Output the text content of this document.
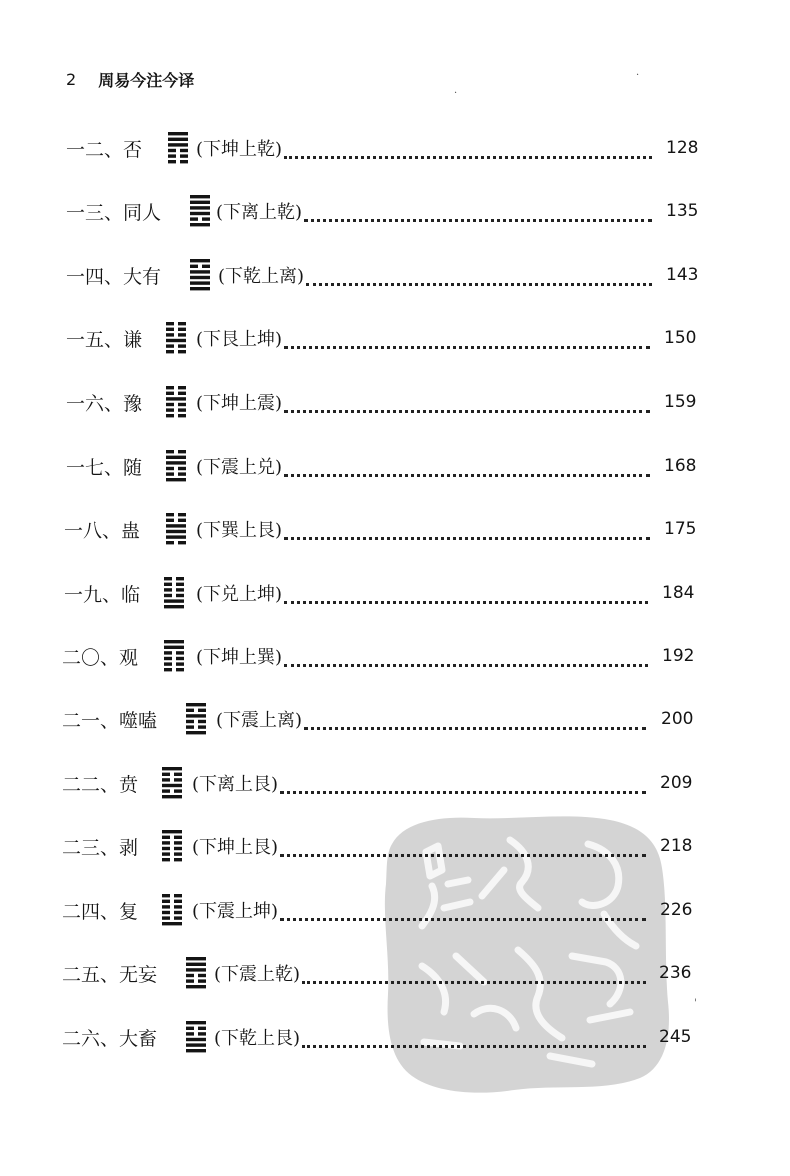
2 周易今注今译
一二、 否	(下坤上乾)	128
一三、 同人	(下离上乾)	135
一四、 大有	(下乾上离)	143
一五、 谦	(下艮上坤)	150
一六、 豫	(下坤上震)	159
一七、 随	(下震上兑)	168
一八、 蛊	(下巽上艮)	175
一九、 临	(下兑上坤)	184
二〇、 观	(下坤上巽)	192
二一、 噬嗑	(下震上离)	200
二二、 贲	(下离上艮)	209
二三、 剥	(下坤上艮)	218
二四、 复	(下震上坤)	226
二五、 无妄	(下震上乾)	236
二六、 大畜	(下乾上艮)	245
·
·
'
